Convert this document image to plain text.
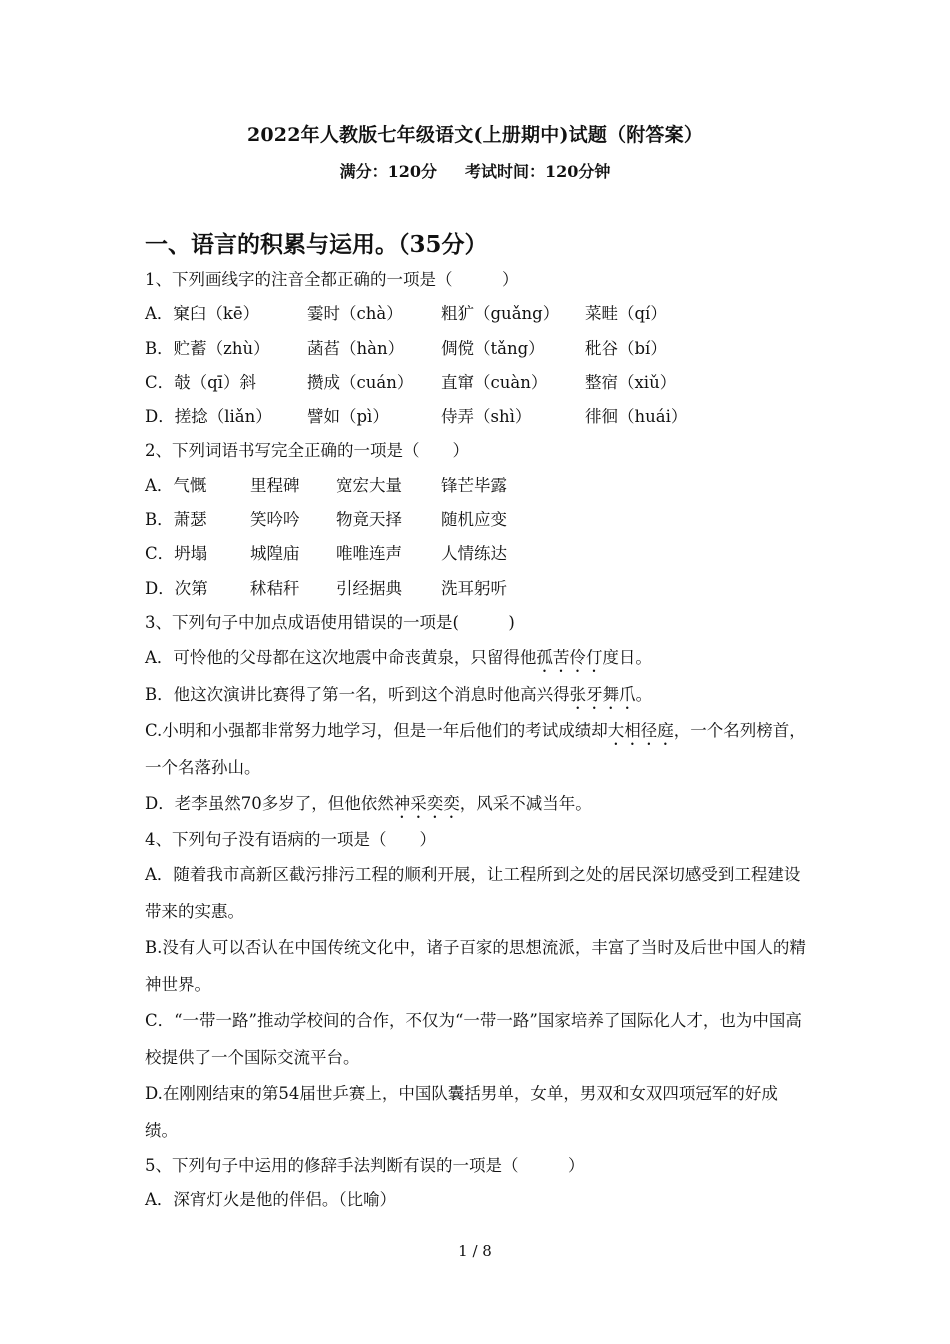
2022年人教版七年级语文(上册期中)试题（附答案）
满分：120分 考试时间：120分钟
一、语言的积累与运用。（35分）
1、下列画线字的注音全都正确的一项是（　　　）
A．窠臼（kē）	霎时（chà） 粗犷（guǎng） 菜畦（qí）
B．贮蓄（zhù） 菡萏（hàn） 倜傥（tǎng） 秕谷（bí）
C．攲（qī）斜	攒成（cuán） 直窜（cuàn） 整宿（xiǔ）
D．搓捻（liǎn） 譬如（pì）	侍弄（shì）	徘徊（huái）
2、下列词语书写完全正确的一项是（　　）
A．气慨	里程碑 宽宏大量 锋芒毕露
B．萧瑟	笑吟吟 物竟天择 随机应变
C．坍塌	城隍庙 唯唯连声 人情练达
D．次第	秫秸秆 引经据典 洗耳躬听
3、下列句子中加点成语使用错误的一项是(　　　)
A．可怜他的父母都在这次地震中命丧黄泉，只留得他孤苦伶仃度日。
B．他这次演讲比赛得了第一名，听到这个消息时他高兴得张牙舞爪。
C.小明和小强都非常努力地学习，但是一年后他们的考试成绩却大相径庭，一个名列榜首，一个名落孙山。
D．老李虽然70多岁了，但他依然神采奕奕，风采不减当年。
4、下列句子没有语病的一项是（　　）
A．随着我市高新区截污排污工程的顺利开展，让工程所到之处的居民深切感受到工程建设带来的实惠。
B.没有人可以否认在中国传统文化中，诸子百家的思想流派，丰富了当时及后世中国人的精神世界。
C．“一带一路”推动学校间的合作，不仅为“一带一路”国家培养了国际化人才，也为中国高校提供了一个国际交流平台。
D.在刚刚结束的第54届世乒赛上，中国队囊括男单，女单，男双和女双四项冠军的好成绩。
5、下列句子中运用的修辞手法判断有误的一项是（　　　）
A．深宵灯火是他的伴侣。（比喻）
1 / 8
